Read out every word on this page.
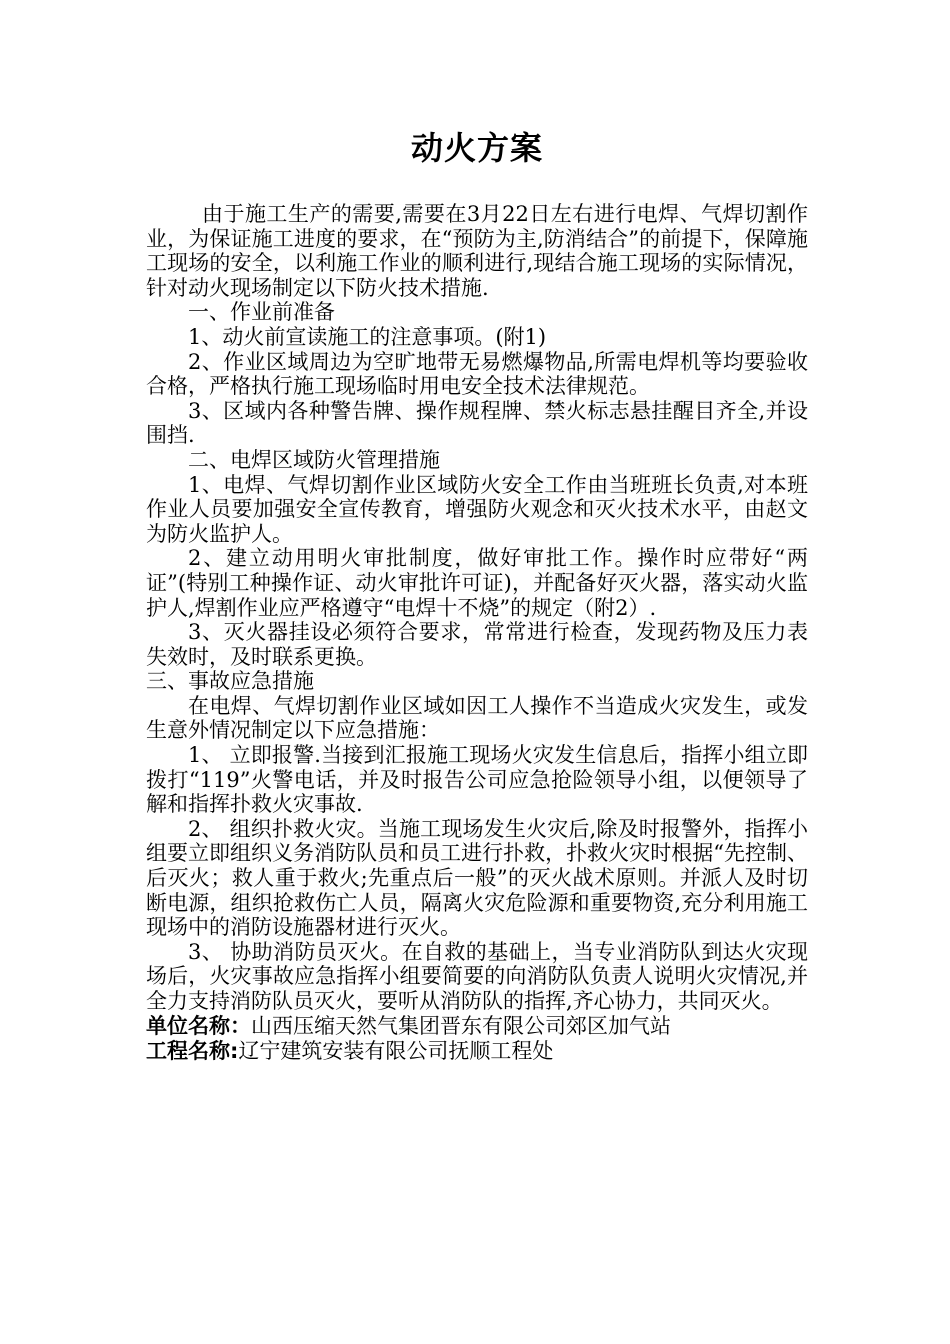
动火方案

由于施工生产的需要,需要在3月22日左右进行电焊、气焊切割作业，为保证施工进度的要求，在“预防为主,防消结合”的前提下，保障施工现场的安全，以利施工作业的顺利进行,现结合施工现场的实际情况，针对动火现场制定以下防火技术措施.

一、作业前准备

1、动火前宣读施工的注意事项。(附1)

2、作业区域周边为空旷地带无易燃爆物品,所需电焊机等均要验收合格，严格执行施工现场临时用电安全技术法律规范。

3、区域内各种警告牌、操作规程牌、禁火标志悬挂醒目齐全,并设围挡.

二、电焊区域防火管理措施

1、电焊、气焊切割作业区域防火安全工作由当班班长负责,对本班作业人员要加强安全宣传教育，增强防火观念和灭火技术水平，由赵文为防火监护人。

2、建立动用明火审批制度，做好审批工作。操作时应带好“两证”(特别工种操作证、动火审批许可证)，并配备好灭火器，落实动火监护人,焊割作业应严格遵守“电焊十不烧”的规定（附2）.

3、灭火器挂设必须符合要求，常常进行检查，发现药物及压力表失效时，及时联系更换。

三、事故应急措施

在电焊、气焊切割作业区域如因工人操作不当造成火灾发生，或发生意外情况制定以下应急措施：

1、 立即报警.当接到汇报施工现场火灾发生信息后，指挥小组立即拨打“119”火警电话，并及时报告公司应急抢险领导小组，以便领导了解和指挥扑救火灾事故.

2、 组织扑救火灾。当施工现场发生火灾后,除及时报警外，指挥小组要立即组织义务消防队员和员工进行扑救，扑救火灾时根据“先控制、后灭火；救人重于救火;先重点后一般”的灭火战术原则。并派人及时切断电源，组织抢救伤亡人员，隔离火灾危险源和重要物资,充分利用施工现场中的消防设施器材进行灭火。

3、 协助消防员灭火。在自救的基础上，当专业消防队到达火灾现场后，火灾事故应急指挥小组要简要的向消防队负责人说明火灾情况,并全力支持消防队员灭火，要听从消防队的指挥,齐心协力，共同灭火。

单位名称：山西压缩天然气集团晋东有限公司郊区加气站

工程名称:辽宁建筑安装有限公司抚顺工程处
